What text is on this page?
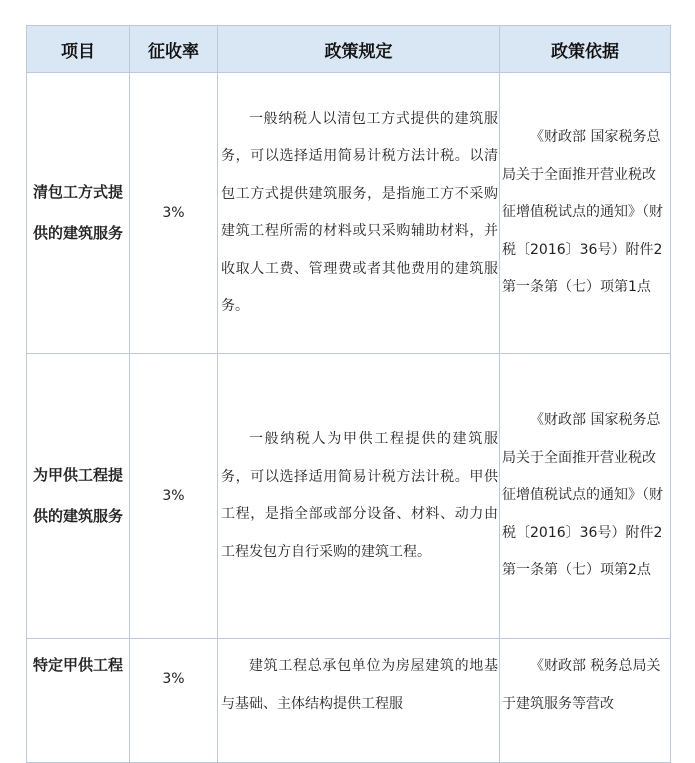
项目	征收率	政策规定	政策依据
清包工方式提供的建筑服务	3%	一般纳税人以清包工方式提供的建筑服务，可以选择适用简易计税方法计税。以清包工方式提供建筑服务，是指施工方不采购建筑工程所需的材料或只采购辅助材料，并收取人工费、管理费或者其他费用的建筑服务。	《财政部 国家税务总局关于全面推开营业税改征增值税试点的通知》（财税〔2016〕36号）附件2第一条第（七）项第1点

为甲供工程提供的建筑服务	3%	一般纳税人为甲供工程提供的建筑服务，可以选择适用简易计税方法计税。甲供工程，是指全部或部分设备、材料、动力由工程发包方自行采购的建筑工程。	《财政部 国家税务总局关于全面推开营业税改征增值税试点的通知》（财税〔2016〕36号）附件2第一条第（七）项第2点

特定甲供工程	3%	建筑工程总承包单位为房屋建筑的地基与基础、主体结构提供工程服	《财政部 税务总局关于建筑服务等营改
